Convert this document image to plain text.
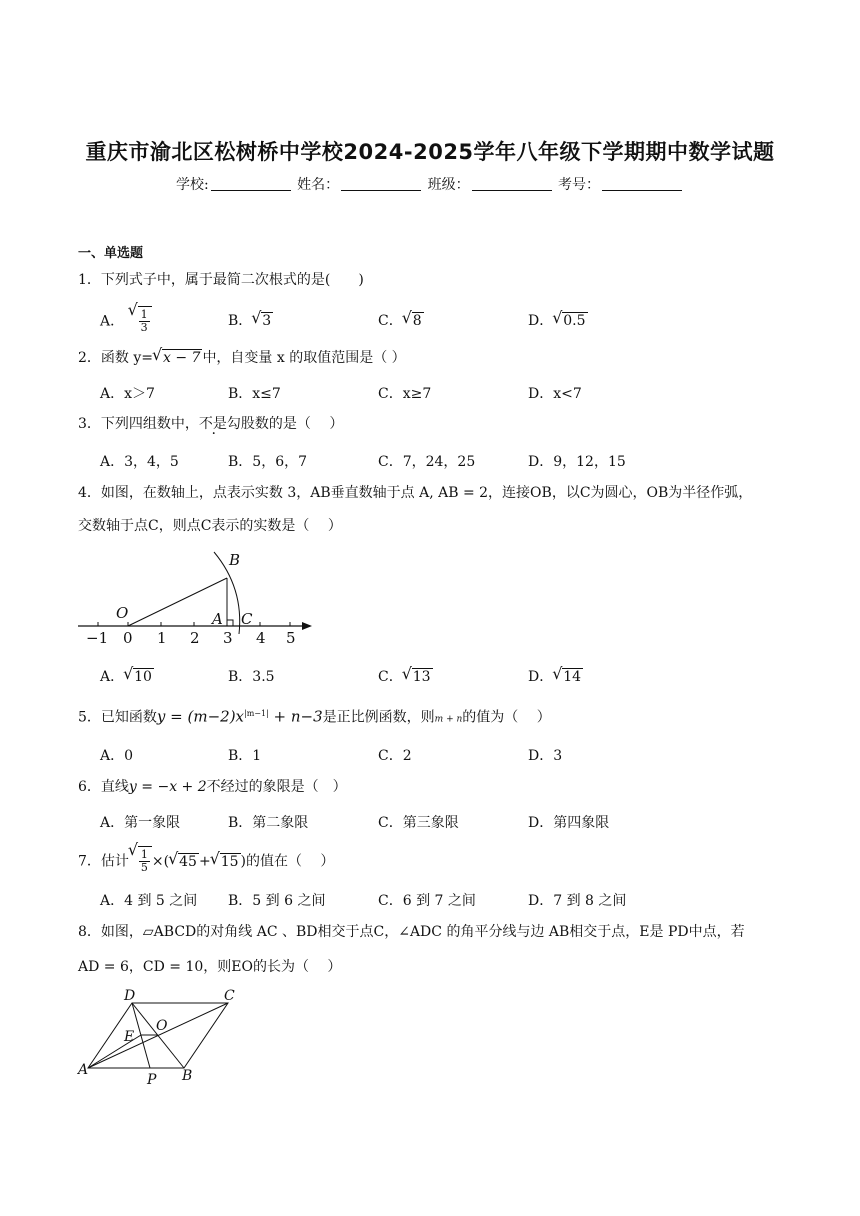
重庆市渝北区松树桥中学校2024-2025学年八年级下学期期中数学试题
学校:	姓名：	班级：	考号：
一、单选题
1．下列式子中，属于最简二次根式的是(　　)
A． √ $\frac{1}{3}$	B． √ 3	C． √ 8	D． √ 0.5
2．函数 y= √ x − 7 中，自变量 x 的取值范围是（ ）
A．x＞7	B．x≤7	C．x≥7	D．x<7
3．下列四组数中，不是勾股数的是（　 ）
A．3，4，5	B．5，6，7	C．7，24，25	D．9，12，15
4．如图，在数轴上，点表示实数 3，AB垂直数轴于点 A, AB = 2，连接OB，以C为圆心，OB为半径作弧，
交数轴于点C，则点C表示的实数是（　 ）
B
O	A C
−1 0 1 2 3 4 5
A． √ 10	B．3.5	C． √ 13	D． √ 14
5．已知函数$y = (m-2)x^{|m-1|} + n-3$是正比例函数，则m + n的值为（　 ）
A．0	B．1	C．2	D．3
6．直线y = −x + 2不经过的象限是（　）
A．第一象限	B．第二象限	C．第三象限	D．第四象限
7．估计 √ $\frac{1}{5}$ ×( √ 45 + √ 15 )的值在（　 ）
A．4 到 5 之间 B．5 到 6 之间	C．6 到 7 之间	D．7 到 8 之间
8．如图，▱ABCD的对角线 AC 、BD相交于点C，∠ADC 的角平分线与边 AB相交于点，E是 PD中点，若
AD = 6，CD = 10，则EO的长为（　 ）
D	C
O
E
A
P B
